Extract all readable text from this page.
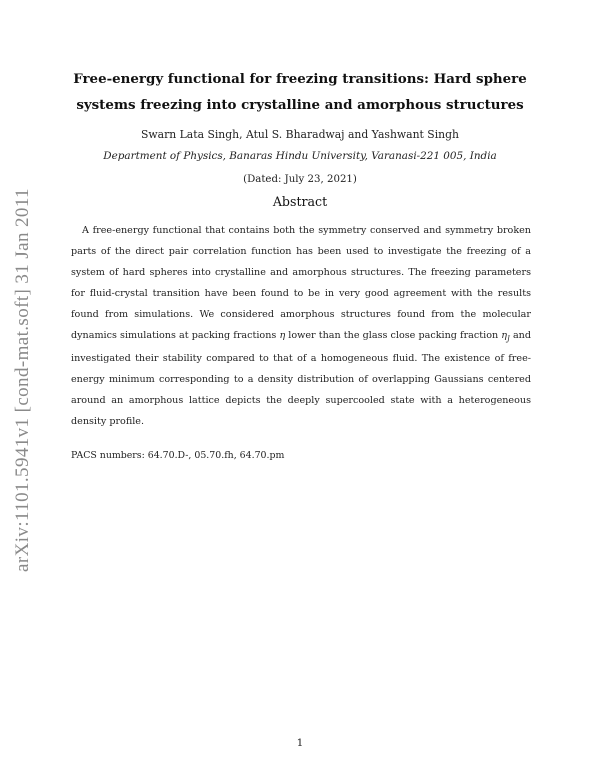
arXiv:1101.5941v1 [cond-mat.soft] 31 Jan 2011
Free-energy functional for freezing transitions: Hard sphere
systems freezing into crystalline and amorphous structures
Swarn Lata Singh, Atul S. Bharadwaj and Yashwant Singh
Department of Physics, Banaras Hindu University, Varanasi-221 005, India
(Dated: July 23, 2021)
Abstract

A free-energy functional that contains both the symmetry conserved and symmetry broken parts of the direct pair correlation function has been used to investigate the freezing of a system of hard spheres into crystalline and amorphous structures. The freezing parameters for fluid-crystal transition have been found to be in very good agreement with the results found from simulations. We considered amorphous structures found from the molecular dynamics simulations at packing fractions η lower than the glass close packing fraction $\eta_J$ and investigated their stability compared to that of a homogeneous fluid. The existence of free-energy minimum corresponding to a density distribution of overlapping Gaussians centered around an amorphous lattice depicts the deeply supercooled state with a heterogeneous density profile.

PACS numbers: 64.70.D-, 05.70.fh, 64.70.pm

1
